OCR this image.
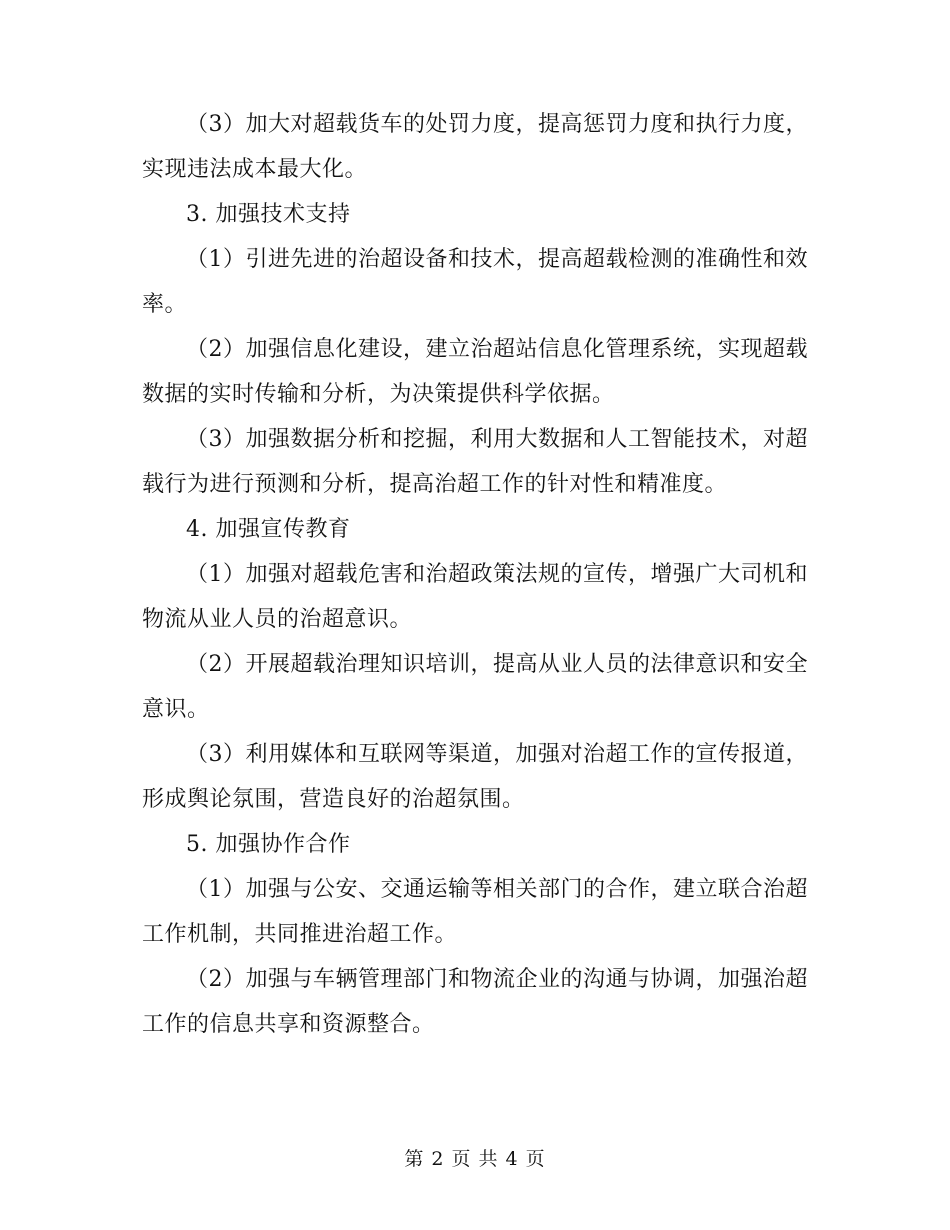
（3）加大对超载货车的处罚力度，提高惩罚力度和执行力度，实现违法成本最大化。

3. 加强技术支持

（1）引进先进的治超设备和技术，提高超载检测的准确性和效率。

（2）加强信息化建设，建立治超站信息化管理系统，实现超载数据的实时传输和分析，为决策提供科学依据。

（3）加强数据分析和挖掘，利用大数据和人工智能技术，对超载行为进行预测和分析，提高治超工作的针对性和精准度。

4. 加强宣传教育

（1）加强对超载危害和治超政策法规的宣传，增强广大司机和物流从业人员的治超意识。

（2）开展超载治理知识培训，提高从业人员的法律意识和安全意识。

（3）利用媒体和互联网等渠道，加强对治超工作的宣传报道，形成舆论氛围，营造良好的治超氛围。

5. 加强协作合作

（1）加强与公安、交通运输等相关部门的合作，建立联合治超工作机制，共同推进治超工作。

（2）加强与车辆管理部门和物流企业的沟通与协调，加强治超工作的信息共享和资源整合。

第 2 页 共 4 页
